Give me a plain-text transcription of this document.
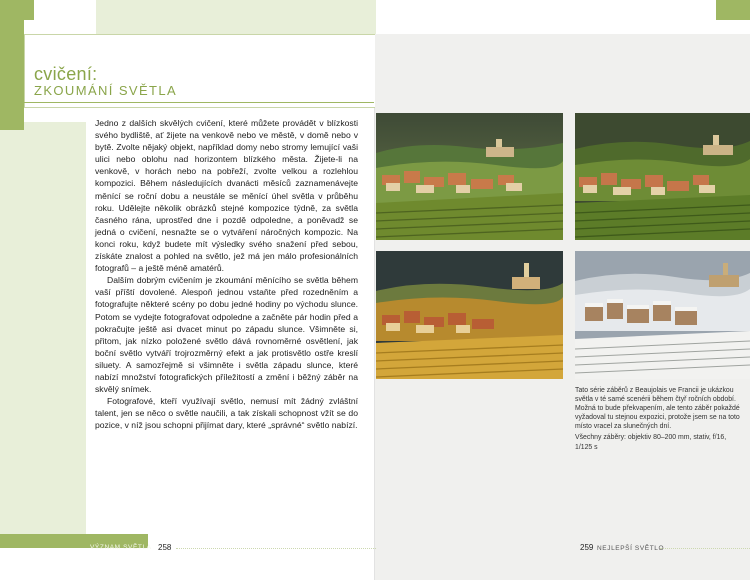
cvičení:
ZKOUMÁNÍ SVĚTLA

Jedno z dalších skvělých cvičení, které můžete provádět v blízkosti svého bydliště, ať žijete na venkově nebo ve městě, v domě nebo v bytě. Zvolte nějaký objekt, například domy nebo stromy lemující vaši ulici nebo oblohu nad horizontem blízkého města. Žijete-li na venkově, v horách nebo na pobřeží, zvolte velkou a rozlehlou kompozici. Během následujících dvanácti měsíců zaznamenávejte měnící se roční dobu a neustále se měnící úhel světla v průběhu roku. Udělejte několik obrázků stejné kompozice týdně, za světla časného rána, uprostřed dne i pozdě odpoledne, a poněvadž se jedná o cvičení, nesnažte se o vytváření náročných kompozic. Na konci roku, když budete mít výsledky svého snažení před sebou, získáte znalost a pohled na světlo, jež má jen málo profesionálních fotografů – a ještě méně amatérů.

Dalším dobrým cvičením je zkoumání měnícího se světla během vaší příští dovolené. Alespoň jednou vstaňte před rozedněním a fotografujte některé scény po dobu jedné hodiny po východu slunce. Potom se vydejte fotografovat odpoledne a začněte pár hodin před a pokračujte ještě asi dvacet minut po západu slunce. Všimněte si, přitom, jak nízko položené světlo dává rovnoměrné osvětlení, jak boční světlo vytváří trojrozměrný efekt a jak protisvětlo ostře kreslí siluety. A samozřejmě si všimněte i světla západu slunce, které nabízí množství fotografických příležitostí a změní i běžný záběr na skvělý snímek.

Fotografové, kteří využívají světlo, nemusí mít žádný zvláštní talent, jen se něco o světle naučili, a tak získali schopnost vžít se do pozice, v níž jsou schopni přijímat dary, které „správné“ světlo nabízí.

VÝZNAM SVĚTLA 258

Tato série záběrů z Beaujolais ve Francii je ukázkou světla v té samé scenérii během čtyř ročních období. Možná to bude překvapením, ale tento záběr pokaždé vyžadoval tu stejnou expozici, protože jsem se na toto místo vracel za slunečných dní.

Všechny záběry: objektiv 80–200 mm, stativ, f/16, 1/125 s

259 NEJLEPŠÍ SVĚTLO
